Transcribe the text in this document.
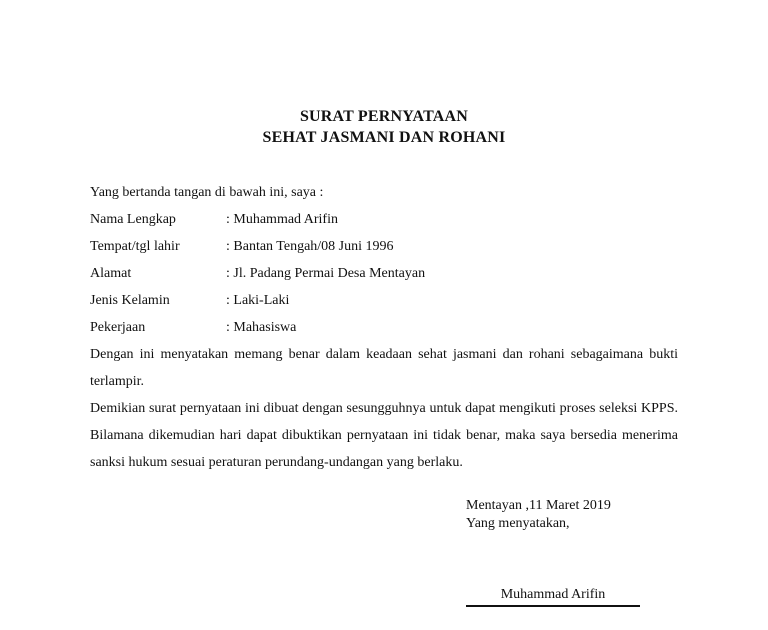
SURAT PERNYATAAN
SEHAT JASMANI DAN ROHANI
Yang bertanda tangan di bawah ini, saya :
Nama Lengkap	: Muhammad Arifin
Tempat/tgl lahir	: Bantan Tengah/08 Juni 1996
Alamat	: Jl. Padang Permai Desa Mentayan
Jenis Kelamin	: Laki-Laki
Pekerjaan	: Mahasiswa
Dengan ini menyatakan memang benar dalam keadaan sehat jasmani dan rohani sebagaimana bukti terlampir.
Demikian surat pernyataan ini dibuat dengan sesungguhnya untuk dapat mengikuti proses seleksi KPPS. Bilamana dikemudian hari dapat dibuktikan pernyataan ini tidak benar, maka saya bersedia menerima sanksi hukum sesuai peraturan perundang-undangan yang berlaku.
Mentayan ,11 Maret 2019
Yang menyatakan,
Muhammad Arifin
